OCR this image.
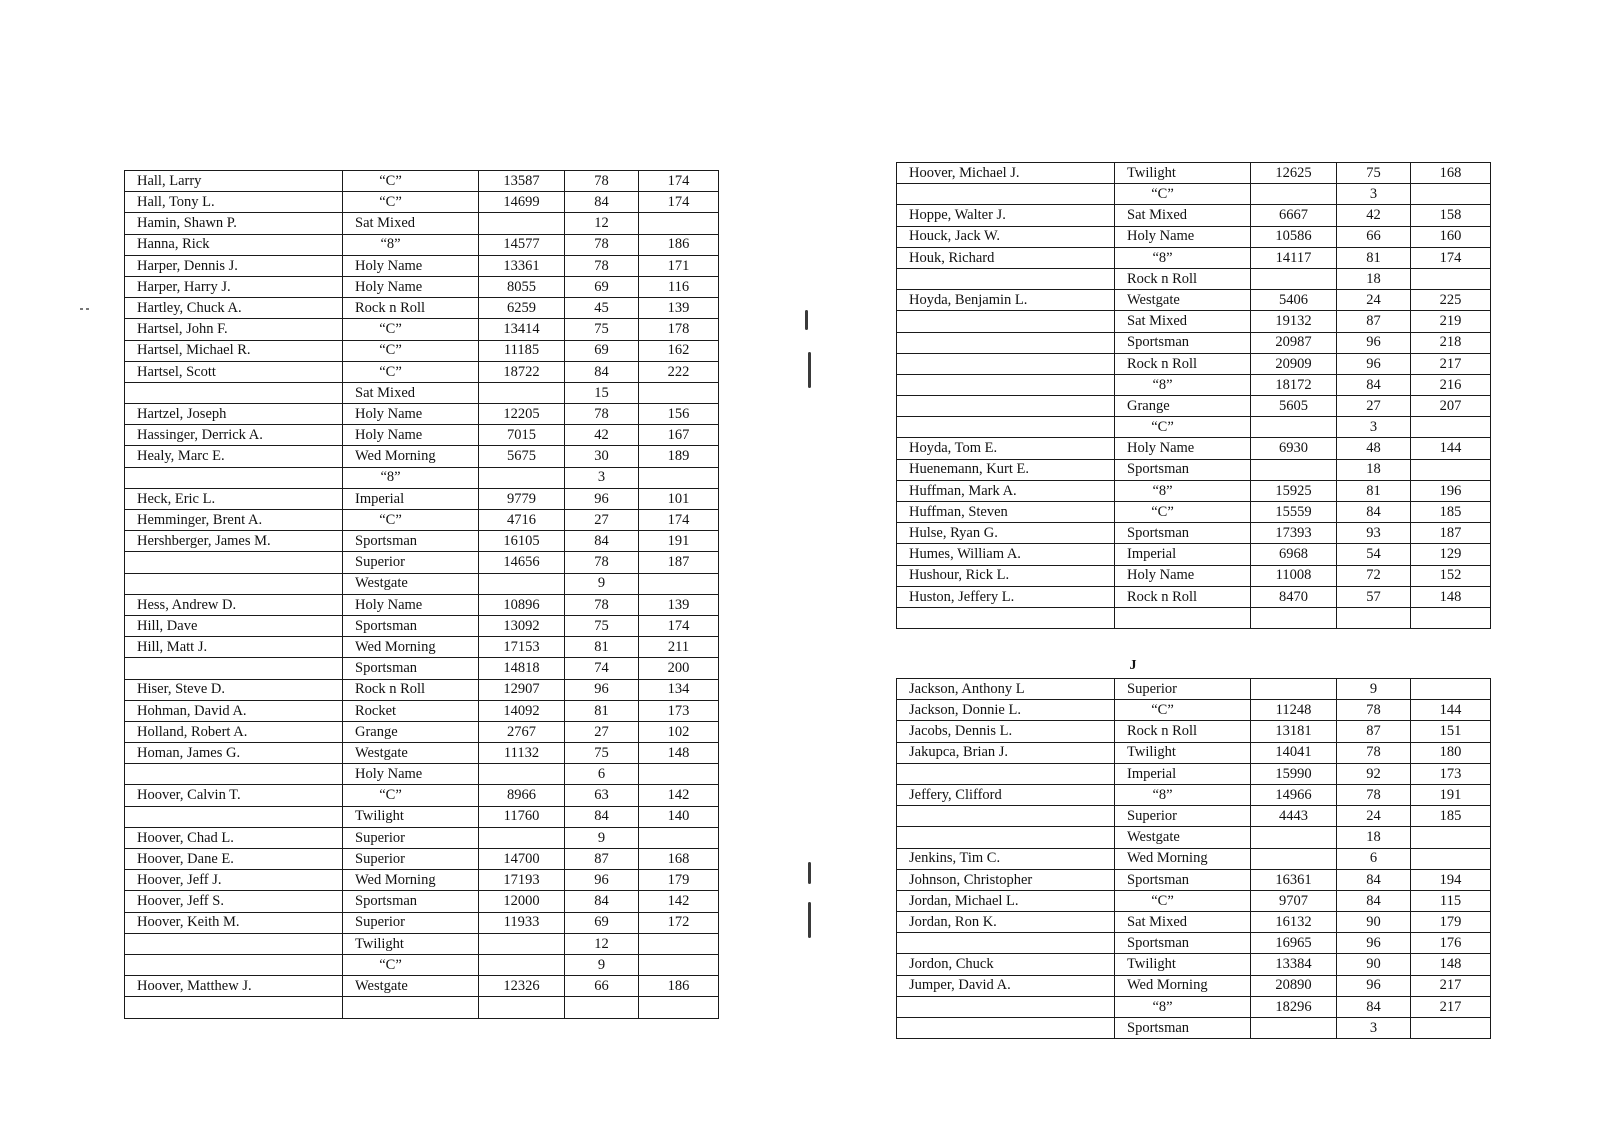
Hall, Larry	“C”	13587	78	174
Hall, Tony L.	“C”	14699	84	174
Hamin, Shawn P.	Sat Mixed		12	
Hanna, Rick	“8”	14577	78	186
Harper, Dennis J.	Holy Name	13361	78	171
Harper, Harry J.	Holy Name	8055	69	116
Hartley, Chuck A.	Rock n Roll	6259	45	139
Hartsel, John F.	“C”	13414	75	178
Hartsel, Michael R.	“C”	11185	69	162
Hartsel, Scott	“C”	18722	84	222
	Sat Mixed		15	
Hartzel, Joseph	Holy Name	12205	78	156
Hassinger, Derrick A.	Holy Name	7015	42	167
Healy, Marc E.	Wed Morning	5675	30	189
	“8”		3	
Heck, Eric L.	Imperial	9779	96	101
Hemminger, Brent A.	“C”	4716	27	174
Hershberger, James M.	Sportsman	16105	84	191
	Superior	14656	78	187
	Westgate		9	
Hess, Andrew D.	Holy Name	10896	78	139
Hill, Dave	Sportsman	13092	75	174
Hill, Matt J.	Wed Morning	17153	81	211
	Sportsman	14818	74	200
Hiser, Steve D.	Rock n Roll	12907	96	134
Hohman, David A.	Rocket	14092	81	173
Holland, Robert A.	Grange	2767	27	102
Homan, James G.	Westgate	11132	75	148
	Holy Name		6	
Hoover, Calvin T.	“C”	8966	63	142
	Twilight	11760	84	140
Hoover, Chad L.	Superior		9	
Hoover, Dane E.	Superior	14700	87	168
Hoover, Jeff J.	Wed Morning	17193	96	179
Hoover, Jeff S.	Sportsman	12000	84	142
Hoover, Keith M.	Superior	11933	69	172
	Twilight		12	
	“C”		9	
Hoover, Matthew J.	Westgate	12326	66	186

Hoover, Michael J.	Twilight	12625	75	168
	“C”		3	
Hoppe, Walter J.	Sat Mixed	6667	42	158
Houck, Jack W.	Holy Name	10586	66	160
Houk, Richard	“8”	14117	81	174
	Rock n Roll		18	
Hoyda, Benjamin L.	Westgate	5406	24	225
	Sat Mixed	19132	87	219
	Sportsman	20987	96	218
	Rock n Roll	20909	96	217
	“8”	18172	84	216
	Grange	5605	27	207
	“C”		3	
Hoyda, Tom E.	Holy Name	6930	48	144
Huenemann, Kurt E.	Sportsman		18	
Huffman, Mark A.	“8”	15925	81	196
Huffman, Steven	“C”	15559	84	185
Hulse, Ryan G.	Sportsman	17393	93	187
Humes, William A.	Imperial	6968	54	129
Hushour, Rick L.	Holy Name	11008	72	152
Huston, Jeffery L.	Rock n Roll	8470	57	148

J
Jackson, Anthony L	Superior		9	
Jackson, Donnie L.	“C”	11248	78	144
Jacobs, Dennis L.	Rock n Roll	13181	87	151
Jakupca, Brian J.	Twilight	14041	78	180
	Imperial	15990	92	173
Jeffery, Clifford	“8”	14966	78	191
	Superior	4443	24	185
	Westgate		18	
Jenkins, Tim C.	Wed Morning		6	
Johnson, Christopher	Sportsman	16361	84	194
Jordan, Michael L.	“C”	9707	84	115
Jordan, Ron K.	Sat Mixed	16132	90	179
	Sportsman	16965	96	176
Jordon, Chuck	Twilight	13384	90	148
Jumper, David A.	Wed Morning	20890	96	217
	“8”	18296	84	217
	Sportsman		3	
